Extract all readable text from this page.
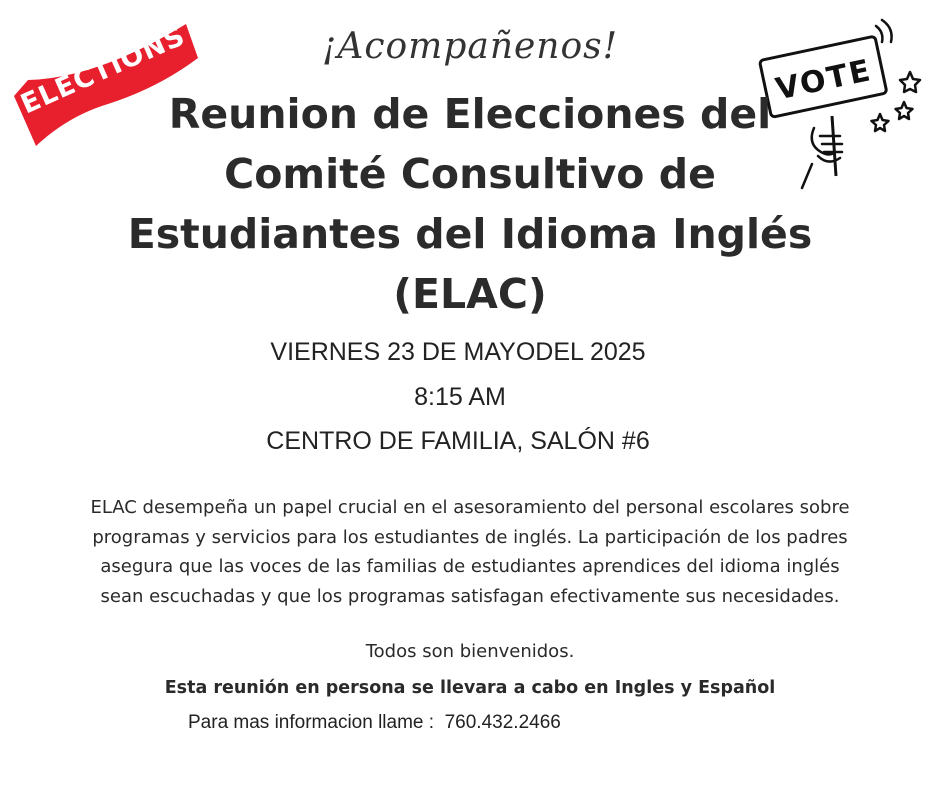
ELECTIONS	VOTE
¡Acompañenos!
Reunion de Elecciones del
Comité Consultivo de
Estudiantes del Idioma Inglés
(ELAC)
VIERNES 23 DE MAYODEL 2025
8:15 AM
CENTRO DE FAMILIA, SALÓN #6
ELAC desempeña un papel crucial en el asesoramiento del personal escolares sobre
programas y servicios para los estudiantes de inglés. La participación de los padres
asegura que las voces de las familias de estudiantes aprendices del idioma inglés
sean escuchadas y que los programas satisfagan efectivamente sus necesidades.
Todos son bienvenidos.
Esta reunión en persona se llevara a cabo en Ingles y Español
Para mas informacion llame : 760.432.2466
